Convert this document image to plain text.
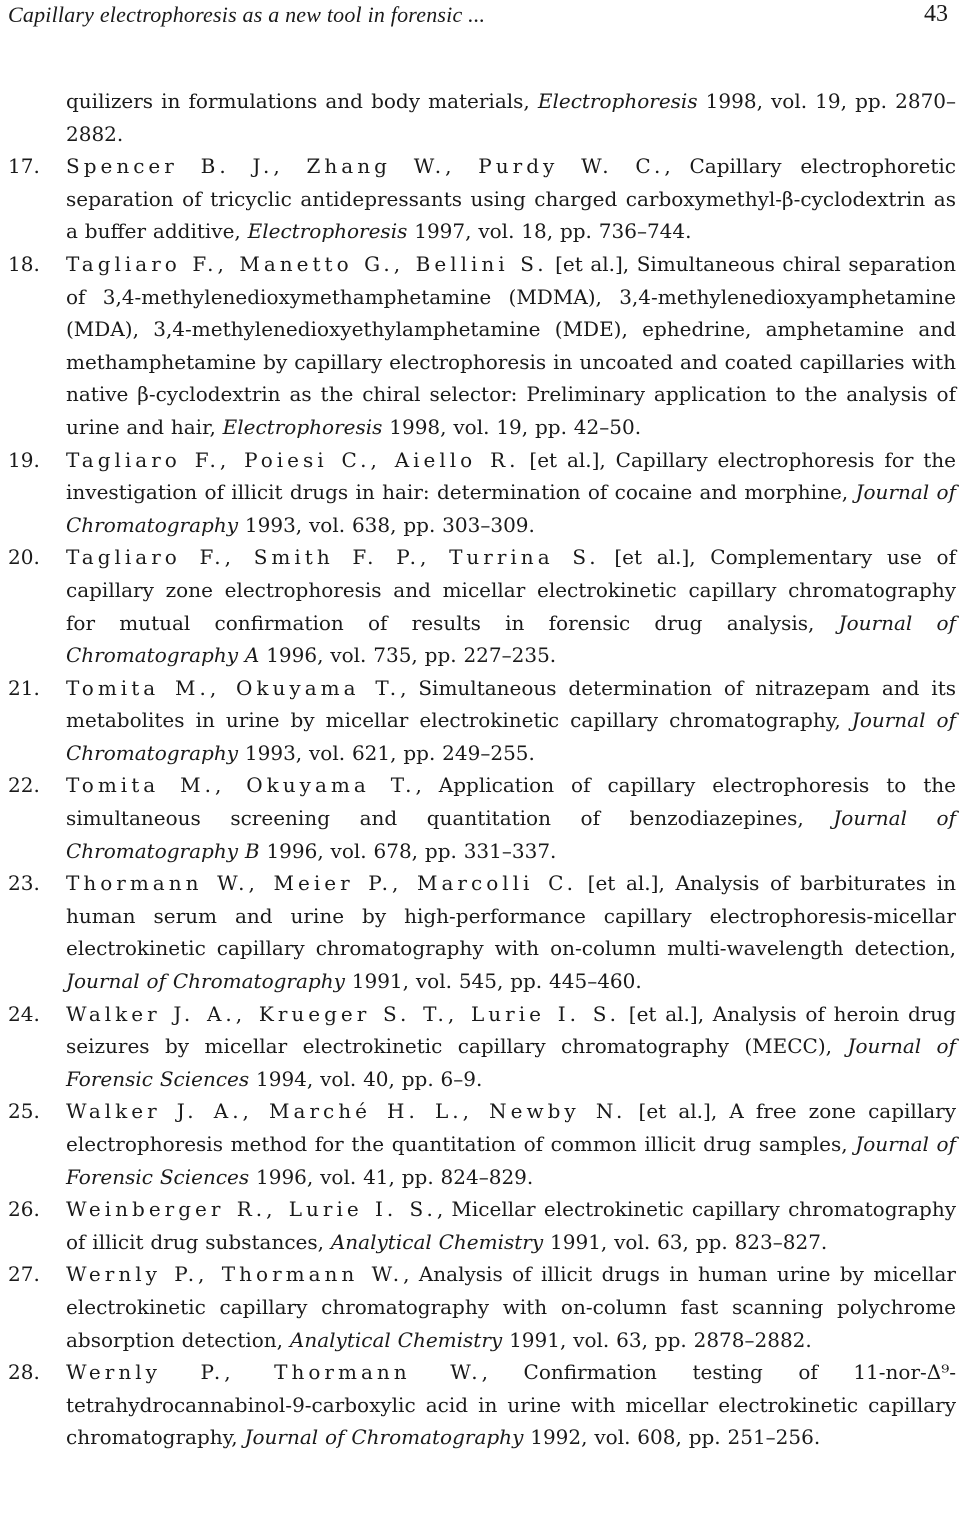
Capillary electrophoresis as a new tool in forensic ...	43
quilizers in formulations and body materials, Electrophoresis 1998, vol. 19, pp. 2870–2882.
17.	Spencer B. J., Zhang W., Purdy W. C., Capillary electrophoretic separation of tricyclic antidepressants using charged carboxymethyl-β-cyclodextrin as a buffer additive, Electrophoresis 1997, vol. 18, pp. 736–744.
18.	Tagliaro F., Manetto G., Bellini S. [et al.], Simultaneous chiral separation of 3,4-methylenedioxymethamphetamine (MDMA), 3,4-methylenedioxyamphetamine (MDA), 3,4-methylenedioxyethylamphetamine (MDE), ephedrine, amphetamine and methamphetamine by capillary electrophoresis in uncoated and coated capillaries with native β-cyclodextrin as the chiral selector: Preliminary application to the analysis of urine and hair, Electrophoresis 1998, vol. 19, pp. 42–50.
19.	Tagliaro F., Poiesi C., Aiello R. [et al.], Capillary electrophoresis for the investigation of illicit drugs in hair: determination of cocaine and morphine, Journal of Chromatography 1993, vol. 638, pp. 303–309.
20.	Tagliaro F., Smith F. P., Turrina S. [et al.], Complementary use of capillary zone electrophoresis and micellar electrokinetic capillary chromatography for mutual confirmation of results in forensic drug analysis, Journal of Chromatography A 1996, vol. 735, pp. 227–235.
21.	Tomita M., Okuyama T., Simultaneous determination of nitrazepam and its metabolites in urine by micellar electrokinetic capillary chromatography, Journal of Chromatography 1993, vol. 621, pp. 249–255.
22.	Tomita M., Okuyama T., Application of capillary electrophoresis to the simultaneous screening and quantitation of benzodiazepines, Journal of Chromatography B 1996, vol. 678, pp. 331–337.
23.	Thormann W., Meier P., Marcolli C. [et al.], Analysis of barbiturates in human serum and urine by high-performance capillary electrophoresis-micellar electrokinetic capillary chromatography with on-column multi-wavelength detection, Journal of Chromatography 1991, vol. 545, pp. 445–460.
24.	Walker J. A., Krueger S. T., Lurie I. S. [et al.], Analysis of heroin drug seizures by micellar electrokinetic capillary chromatography (MECC), Journal of Forensic Sciences 1994, vol. 40, pp. 6–9.
25.	Walker J. A., Marché H. L., Newby N. [et al.], A free zone capillary electrophoresis method for the quantitation of common illicit drug samples, Journal of Forensic Sciences 1996, vol. 41, pp. 824–829.
26.	Weinberger R., Lurie I. S., Micellar electrokinetic capillary chromatography of illicit drug substances, Analytical Chemistry 1991, vol. 63, pp. 823–827.
27.	Wernly P., Thormann W., Analysis of illicit drugs in human urine by micellar electrokinetic capillary chromatography with on-column fast scanning polychrome absorption detection, Analytical Chemistry 1991, vol. 63, pp. 2878–2882.
28.	Wernly P., Thormann W., Confirmation testing of 11-nor-Δ⁹-tetrahydrocannabinol-9-carboxylic acid in urine with micellar electrokinetic capillary chromatography, Journal of Chromatography 1992, vol. 608, pp. 251–256.
